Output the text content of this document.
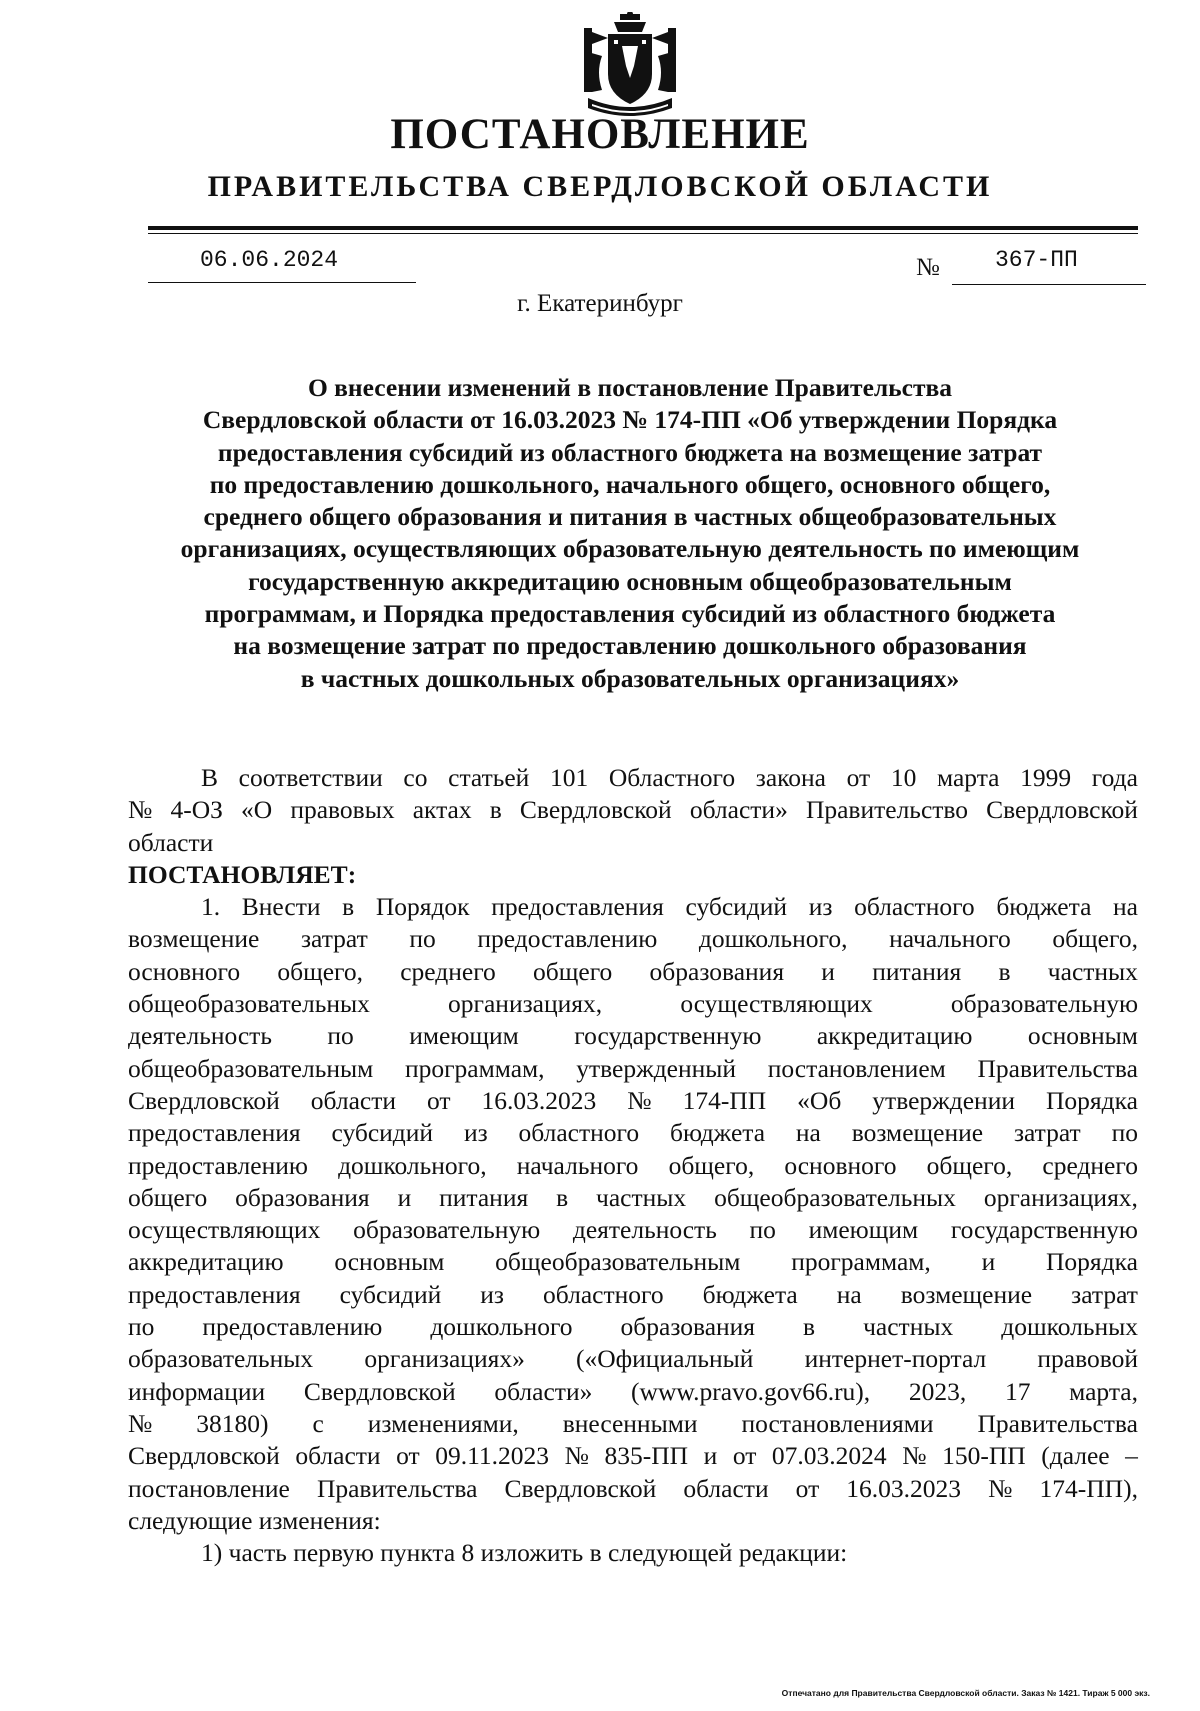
ПОСТАНОВЛЕНИЕ
ПРАВИТЕЛЬСТВА СВЕРДЛОВСКОЙ ОБЛАСТИ
06.06.2024	№ 367-ПП
г. Екатеринбург
О внесении изменений в постановление Правительства
Свердловской области от 16.03.2023 № 174-ПП «Об утверждении Порядка
предоставления субсидий из областного бюджета на возмещение затрат
по предоставлению дошкольного, начального общего, основного общего,
среднего общего образования и питания в частных общеобразовательных
организациях, осуществляющих образовательную деятельность по имеющим
государственную аккредитацию основным общеобразовательным
программам, и Порядка предоставления субсидий из областного бюджета
на возмещение затрат по предоставлению дошкольного образования
в частных дошкольных образовательных организациях»
В соответствии со статьей 101 Областного закона от 10 марта 1999 года
№ 4-ОЗ «О правовых актах в Свердловской области» Правительство Свердловской
области
ПОСТАНОВЛЯЕТ:
1. Внести в Порядок предоставления субсидий из областного бюджета на
возмещение затрат по предоставлению дошкольного, начального общего,
основного общего, среднего общего образования и питания в частных
общеобразовательных	организациях,	осуществляющих	образовательную
деятельность по имеющим государственную аккредитацию основным
общеобразовательным программам, утвержденный постановлением Правительства
Свердловской области от 16.03.2023 № 174-ПП «Об утверждении Порядка
предоставления субсидий из областного бюджета на возмещение затрат по
предоставлению дошкольного, начального общего, основного общего, среднего
общего образования и питания в частных общеобразовательных организациях,
осуществляющих образовательную деятельность по имеющим государственную
аккредитацию основным общеобразовательным программам, и Порядка
предоставления субсидий из областного бюджета на возмещение затрат
по предоставлению дошкольного образования в частных дошкольных
образовательных организациях» («Официальный интернет-портал правовой
информации Свердловской области» (www.pravo.gov66.ru), 2023, 17 марта,
№ 38180) с изменениями, внесенными постановлениями Правительства
Свердловской области от 09.11.2023 № 835-ПП и от 07.03.2024 № 150-ПП (далее –
постановление Правительства Свердловской области от 16.03.2023 № 174-ПП),
следующие изменения:
1) часть первую пункта 8 изложить в следующей редакции:
Отпечатано для Правительства Свердловской области. Заказ № 1421. Тираж 5 000 экз.
